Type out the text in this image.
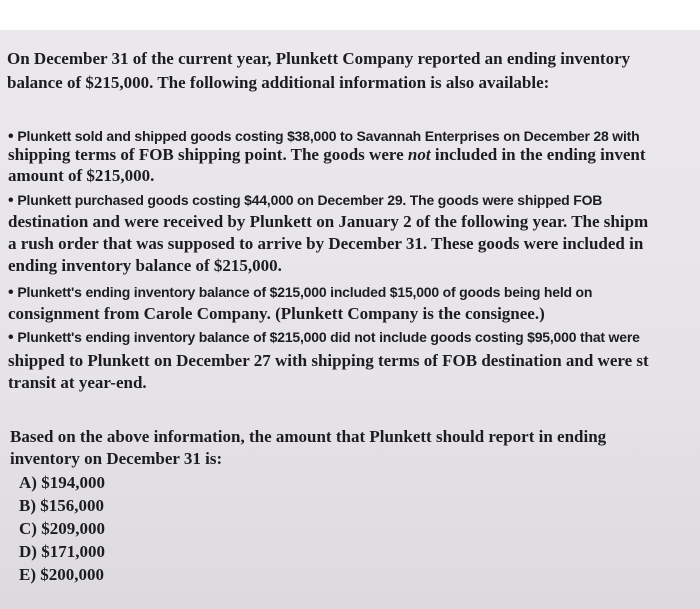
On December 31 of the current year, Plunkett Company reported an ending inventory
balance of $215,000. The following additional information is also available:
• Plunkett sold and shipped goods costing $38,000 to Savannah Enterprises on December 28 with
shipping terms of FOB shipping point. The goods were not included in the ending invent
amount of $215,000.
• Plunkett purchased goods costing $44,000 on December 29. The goods were shipped FOB
destination and were received by Plunkett on January 2 of the following year. The shipm
a rush order that was supposed to arrive by December 31. These goods were included in
ending inventory balance of $215,000.
• Plunkett's ending inventory balance of $215,000 included $15,000 of goods being held on
consignment from Carole Company. (Plunkett Company is the consignee.)
• Plunkett's ending inventory balance of $215,000 did not include goods costing $95,000 that were
shipped to Plunkett on December 27 with shipping terms of FOB destination and were st
transit at year-end.
Based on the above information, the amount that Plunkett should report in ending
inventory on December 31 is:
A) $194,000
B) $156,000
C) $209,000
D) $171,000
E) $200,000
